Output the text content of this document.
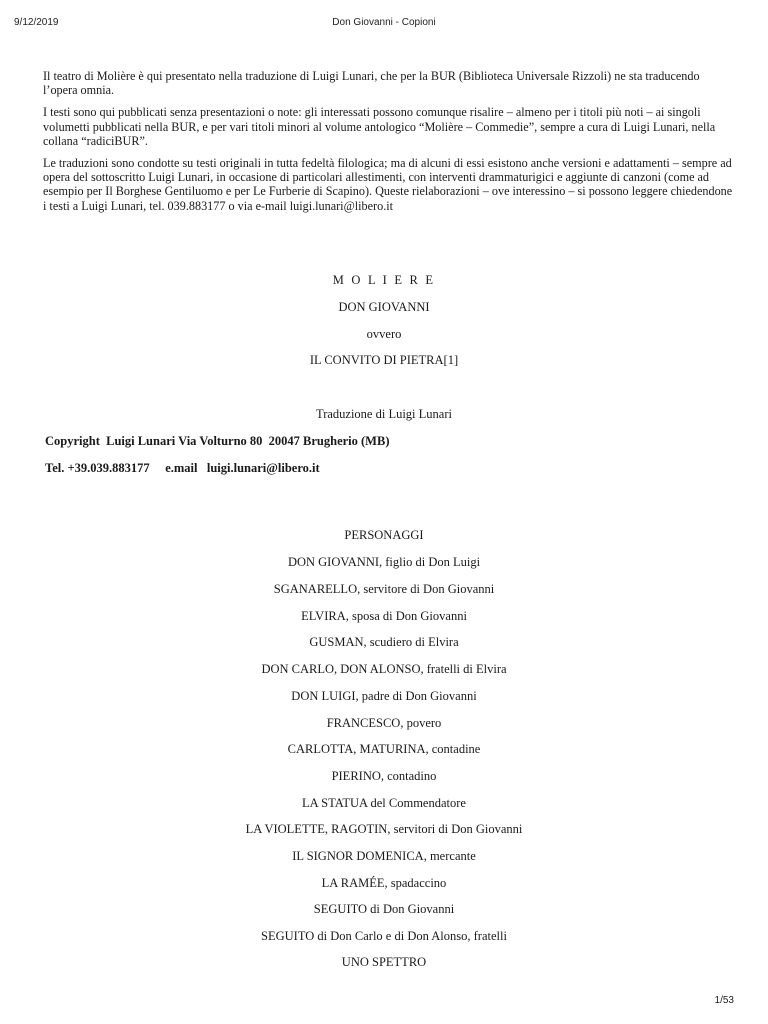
9/12/2019	Don Giovanni - Copioni

Il teatro di Molière è qui presentato nella traduzione di Luigi Lunari, che per la BUR (Biblioteca Universale Rizzoli) ne sta traducendo l’opera omnia.

I testi sono qui pubblicati senza presentazioni o note: gli interessati possono comunque risalire – almeno per i titoli più noti – ai singoli volumetti pubblicati nella BUR, e per vari titoli minori al volume antologico “Molière – Commedie”, sempre a cura di Luigi Lunari, nella collana “radiciBUR”.

Le traduzioni sono condotte su testi originali in tutta fedeltà filologica; ma di alcuni di essi esistono anche versioni e adattamenti – sempre ad opera del sottoscritto Luigi Lunari, in occasione di particolari allestimenti, con interventi drammaturigici e aggiunte di canzoni (come ad esempio per Il Borghese Gentiluomo e per Le Furberie di Scapino). Queste rielaborazioni – ove interessino – si possono leggere chiedendone i testi a Luigi Lunari, tel. 039.883177 o via e-mail luigi.lunari@libero.it

M O L I E R E
DON GIOVANNI
ovvero
IL CONVITO DI PIETRA[1]
Traduzione di Luigi Lunari
Copyright  Luigi Lunari Via Volturno 80  20047 Brugherio (MB)
Tel. +39.039.883177     e.mail   luigi.lunari@libero.it
PERSONAGGI
DON GIOVANNI, figlio di Don Luigi
SGANARELLO, servitore di Don Giovanni
ELVIRA, sposa di Don Giovanni
GUSMAN, scudiero di Elvira
DON CARLO, DON ALONSO, fratelli di Elvira
DON LUIGI, padre di Don Giovanni
FRANCESCO, povero
CARLOTTA, MATURINA, contadine
PIERINO, contadino
LA STATUA del Commendatore
LA VIOLETTE, RAGOTIN, servitori di Don Giovanni
IL SIGNOR DOMENICA, mercante
LA RAMÉE, spadaccino
SEGUITO di Don Giovanni
SEGUITO di Don Carlo e di Don Alonso, fratelli
UNO SPETTRO
1/53
